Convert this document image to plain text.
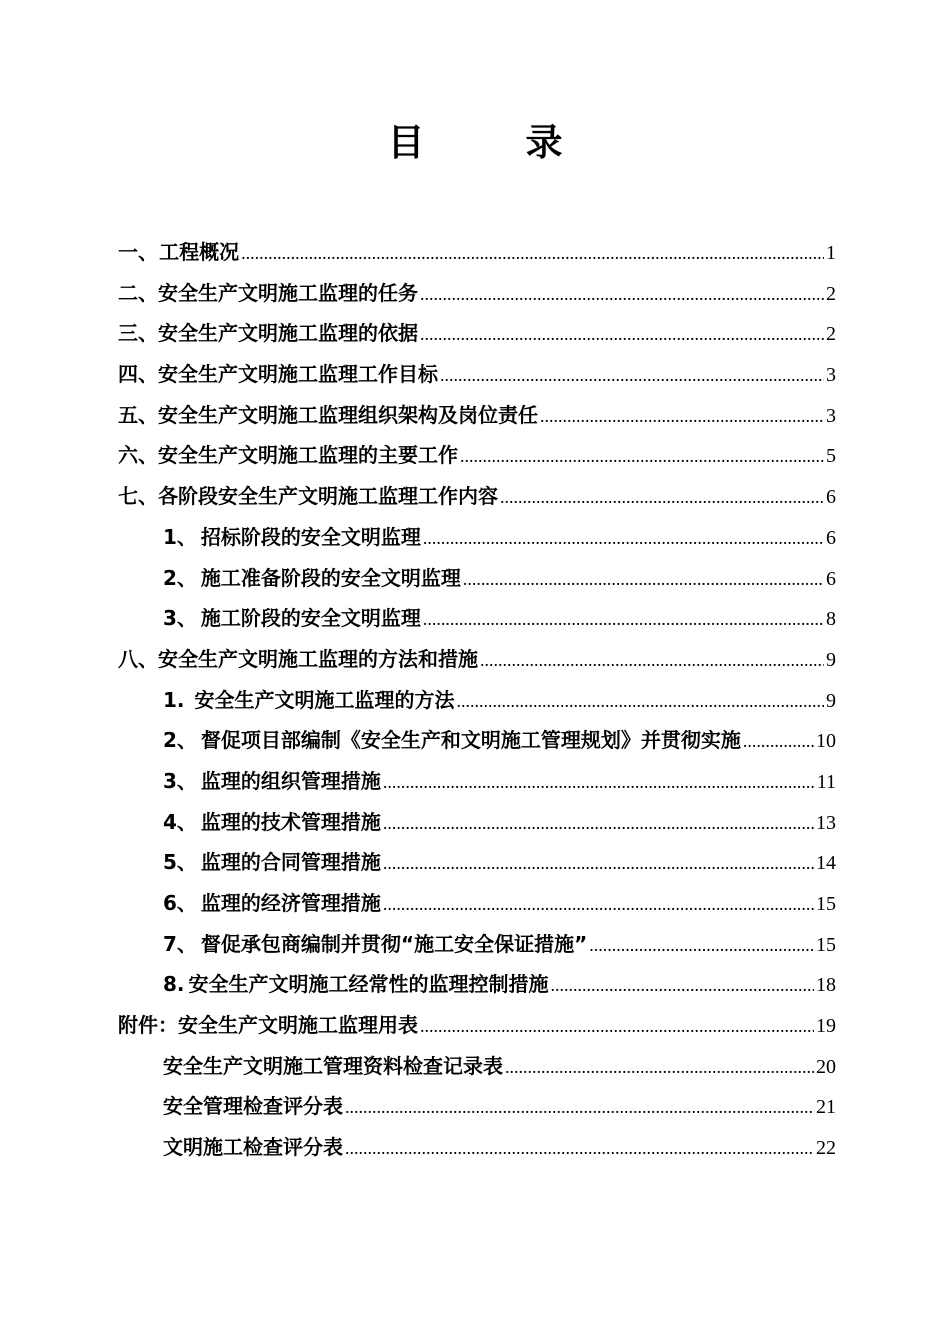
目　录
一、 工程概况 .....	1
二、 安全生产文明施工监理的任务 .....	2
三、 安全生产文明施工监理的依据 .....	2
四、 安全生产文明施工监理工作目标 .....	3
五、 安全生产文明施工监理组织架构及岗位责任 .....	3
六、 安全生产文明施工监理的主要工作 .....	5
七、 各阶段安全生产文明施工监理工作内容 .....	6
1、 招标阶段的安全文明监理 .....	6
2、 施工准备阶段的安全文明监理 .....	6
3、 施工阶段的安全文明监理 .....	8
八、 安全生产文明施工监理的方法和措施 .....	9
1. 安全生产文明施工监理的方法 .....	9
2、 督促项目部编制《安全生产和文明施工管理规划》并贯彻实施 .....	10
3、 监理的组织管理措施 .....	11
4、 监理的技术管理措施 .....	13
5、 监理的合同管理措施 .....	14
6、 监理的经济管理措施 .....	15
7、 督促承包商编制并贯彻“施工安全保证措施” .....	15
8. 安全生产文明施工经常性的监理控制措施 .....	18
附件：安全生产文明施工监理用表 .....	19
安全生产文明施工管理资料检查记录表 .....	20
安全管理检查评分表 .....	21
文明施工检查评分表 .....	22
